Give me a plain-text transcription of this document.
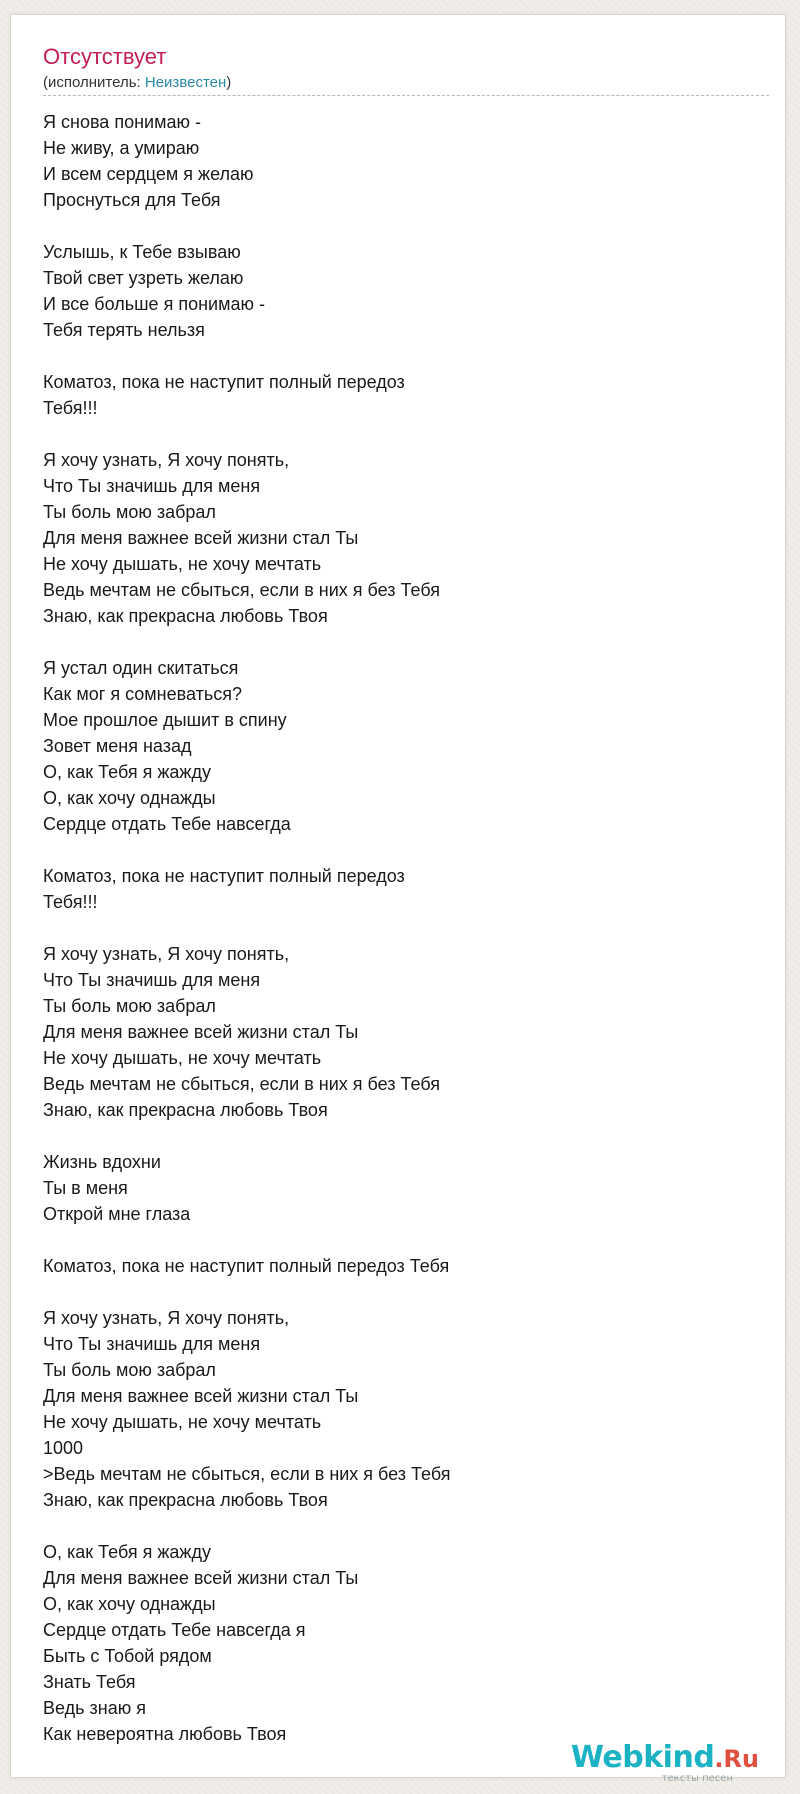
Отсутствует
(исполнитель: Неизвестен)
Я снова понимаю -
Не живу, а умираю
И всем сердцем я желаю
Проснуться для Тебя
Услышь, к Тебе взываю
Твой свет узреть желаю
И все больше я понимаю -
Тебя терять нельзя
Коматоз, пока не наступит полный передоз
Тебя!!!
Я хочу узнать, Я хочу понять,
Что Ты значишь для меня
Ты боль мою забрал
Для меня важнее всей жизни стал Ты
Не хочу дышать, не хочу мечтать
Ведь мечтам не сбыться, если в них я без Тебя
Знаю, как прекрасна любовь Твоя
Я устал один скитаться
Как мог я сомневаться?
Мое прошлое дышит в спину
Зовет меня назад
О, как Тебя я жажду
О, как хочу однажды
Сердце отдать Тебе навсегда
Коматоз, пока не наступит полный передоз
Тебя!!!
Я хочу узнать, Я хочу понять,
Что Ты значишь для меня
Ты боль мою забрал
Для меня важнее всей жизни стал Ты
Не хочу дышать, не хочу мечтать
Ведь мечтам не сбыться, если в них я без Тебя
Знаю, как прекрасна любовь Твоя
Жизнь вдохни
Ты в меня
Открой мне глаза
Коматоз, пока не наступит полный передоз Тебя
Я хочу узнать, Я хочу понять,
Что Ты значишь для меня
Ты боль мою забрал
Для меня важнее всей жизни стал Ты
Не хочу дышать, не хочу мечтать
1000
>Ведь мечтам не сбыться, если в них я без Тебя
Знаю, как прекрасна любовь Твоя
О, как Тебя я жажду
Для меня важнее всей жизни стал Ты
О, как хочу однажды
Сердце отдать Тебе навсегда я
Быть с Тобой рядом
Знать Тебя
Ведь знаю я
Как невероятна любовь Твоя
Webkind.Ru
тексты песен
